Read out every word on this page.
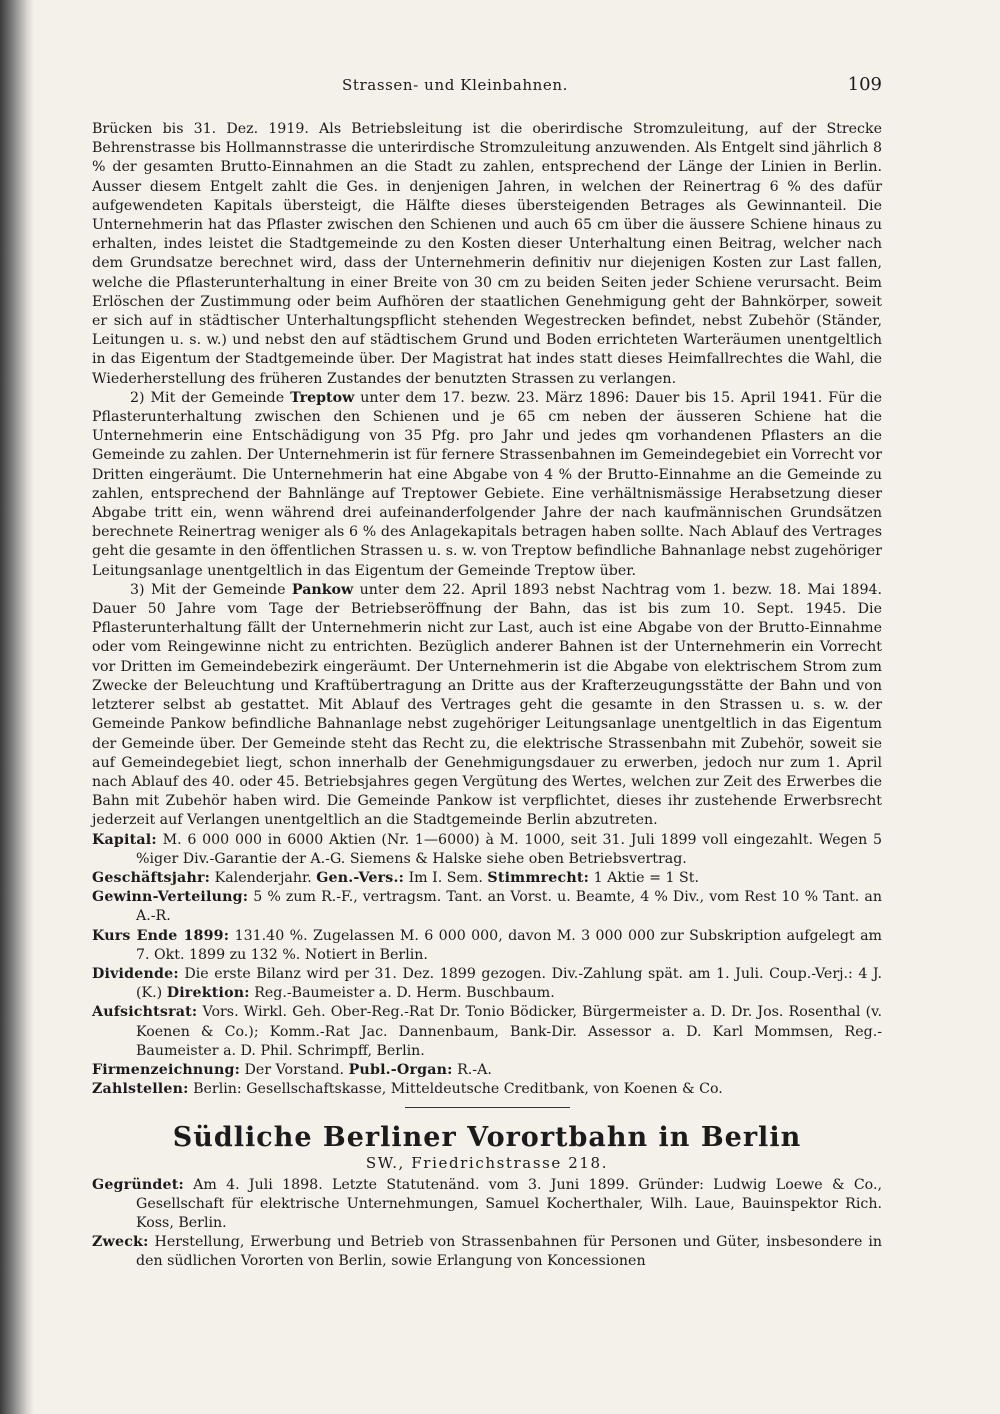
Strassen- und Kleinbahnen.	109

Brücken bis 31. Dez. 1919. Als Betriebsleitung ist die oberirdische Stromzuleitung, auf der Strecke Behrenstrasse bis Hollmannstrasse die unterirdische Stromzuleitung anzuwenden. Als Entgelt sind jährlich 8 % der gesamten Brutto-Einnahmen an die Stadt zu zahlen, entsprechend der Länge der Linien in Berlin. Ausser diesem Entgelt zahlt die Ges. in denjenigen Jahren, in welchen der Reinertrag 6 % des dafür aufgewendeten Kapitals übersteigt, die Hälfte dieses übersteigenden Betrages als Gewinnanteil. Die Unternehmerin hat das Pflaster zwischen den Schienen und auch 65 cm über die äussere Schiene hinaus zu erhalten, indes leistet die Stadtgemeinde zu den Kosten dieser Unterhaltung einen Beitrag, welcher nach dem Grundsatze berechnet wird, dass der Unternehmerin definitiv nur diejenigen Kosten zur Last fallen, welche die Pflasterunterhaltung in einer Breite von 30 cm zu beiden Seiten jeder Schiene verursacht. Beim Erlöschen der Zustimmung oder beim Aufhören der staatlichen Genehmigung geht der Bahnkörper, soweit er sich auf in städtischer Unterhaltungspflicht stehenden Wegestrecken befindet, nebst Zubehör (Ständer, Leitungen u. s. w.) und nebst den auf städtischem Grund und Boden errichteten Warteräumen unentgeltlich in das Eigentum der Stadtgemeinde über. Der Magistrat hat indes statt dieses Heimfallrechtes die Wahl, die Wiederherstellung des früheren Zustandes der benutzten Strassen zu verlangen.

2) Mit der Gemeinde Treptow unter dem 17. bezw. 23. März 1896: Dauer bis 15. April 1941. Für die Pflasterunterhaltung zwischen den Schienen und je 65 cm neben der äusseren Schiene hat die Unternehmerin eine Entschädigung von 35 Pfg. pro Jahr und jedes qm vorhandenen Pflasters an die Gemeinde zu zahlen. Der Unternehmerin ist für fernere Strassenbahnen im Gemeindegebiet ein Vorrecht vor Dritten eingeräumt. Die Unternehmerin hat eine Abgabe von 4 % der Brutto-Einnahme an die Gemeinde zu zahlen, entsprechend der Bahnlänge auf Treptower Gebiete. Eine verhältnismässige Herabsetzung dieser Abgabe tritt ein, wenn während drei aufeinanderfolgender Jahre der nach kaufmännischen Grundsätzen berechnete Reinertrag weniger als 6 % des Anlagekapitals betragen haben sollte. Nach Ablauf des Vertrages geht die gesamte in den öffentlichen Strassen u. s. w. von Treptow befindliche Bahnanlage nebst zugehöriger Leitungsanlage unentgeltlich in das Eigentum der Gemeinde Treptow über.

3) Mit der Gemeinde Pankow unter dem 22. April 1893 nebst Nachtrag vom 1. bezw. 18. Mai 1894. Dauer 50 Jahre vom Tage der Betriebseröffnung der Bahn, das ist bis zum 10. Sept. 1945. Die Pflasterunterhaltung fällt der Unternehmerin nicht zur Last, auch ist eine Abgabe von der Brutto-Einnahme oder vom Reingewinne nicht zu entrichten. Bezüglich anderer Bahnen ist der Unternehmerin ein Vorrecht vor Dritten im Gemeindebezirk eingeräumt. Der Unternehmerin ist die Abgabe von elektrischem Strom zum Zwecke der Beleuchtung und Kraftübertragung an Dritte aus der Krafterzeugungsstätte der Bahn und von letzterer selbst ab gestattet. Mit Ablauf des Vertrages geht die gesamte in den Strassen u. s. w. der Gemeinde Pankow befindliche Bahnanlage nebst zugehöriger Leitungsanlage unentgeltlich in das Eigentum der Gemeinde über. Der Gemeinde steht das Recht zu, die elektrische Strassenbahn mit Zubehör, soweit sie auf Gemeindegebiet liegt, schon innerhalb der Genehmigungsdauer zu erwerben, jedoch nur zum 1. April nach Ablauf des 40. oder 45. Betriebsjahres gegen Vergütung des Wertes, welchen zur Zeit des Erwerbes die Bahn mit Zubehör haben wird. Die Gemeinde Pankow ist verpflichtet, dieses ihr zustehende Erwerbsrecht jederzeit auf Verlangen unentgeltlich an die Stadtgemeinde Berlin abzutreten.

Kapital: M. 6 000 000 in 6000 Aktien (Nr. 1—6000) à M. 1000, seit 31. Juli 1899 voll eingezahlt. Wegen 5 %iger Div.-Garantie der A.-G. Siemens & Halske siehe oben Betriebsvertrag.

Geschäftsjahr: Kalenderjahr. Gen.-Vers.: Im I. Sem. Stimmrecht: 1 Aktie = 1 St.

Gewinn-Verteilung: 5 % zum R.-F., vertragsm. Tant. an Vorst. u. Beamte, 4 % Div., vom Rest 10 % Tant. an A.-R.

Kurs Ende 1899: 131.40 %. Zugelassen M. 6 000 000, davon M. 3 000 000 zur Subskription aufgelegt am 7. Okt. 1899 zu 132 %. Notiert in Berlin.

Dividende: Die erste Bilanz wird per 31. Dez. 1899 gezogen. Div.-Zahlung spät. am 1. Juli. Coup.-Verj.: 4 J. (K.) Direktion: Reg.-Baumeister a. D. Herm. Buschbaum.

Aufsichtsrat: Vors. Wirkl. Geh. Ober-Reg.-Rat Dr. Tonio Bödicker, Bürgermeister a. D. Dr. Jos. Rosenthal (v. Koenen & Co.); Komm.-Rat Jac. Dannenbaum, Bank-Dir. Assessor a. D. Karl Mommsen, Reg.-Baumeister a. D. Phil. Schrimpff, Berlin.

Firmenzeichnung: Der Vorstand. Publ.-Organ: R.-A.

Zahlstellen: Berlin: Gesellschaftskasse, Mitteldeutsche Creditbank, von Koenen & Co.

Südliche Berliner Vorortbahn in Berlin

SW., Friedrichstrasse 218.

Gegründet: Am 4. Juli 1898. Letzte Statutenänd. vom 3. Juni 1899. Gründer: Ludwig Loewe & Co., Gesellschaft für elektrische Unternehmungen, Samuel Kocherthaler, Wilh. Laue, Bauinspektor Rich. Koss, Berlin.

Zweck: Herstellung, Erwerbung und Betrieb von Strassenbahnen für Personen und Güter, insbesondere in den südlichen Vororten von Berlin, sowie Erlangung von Koncessionen
